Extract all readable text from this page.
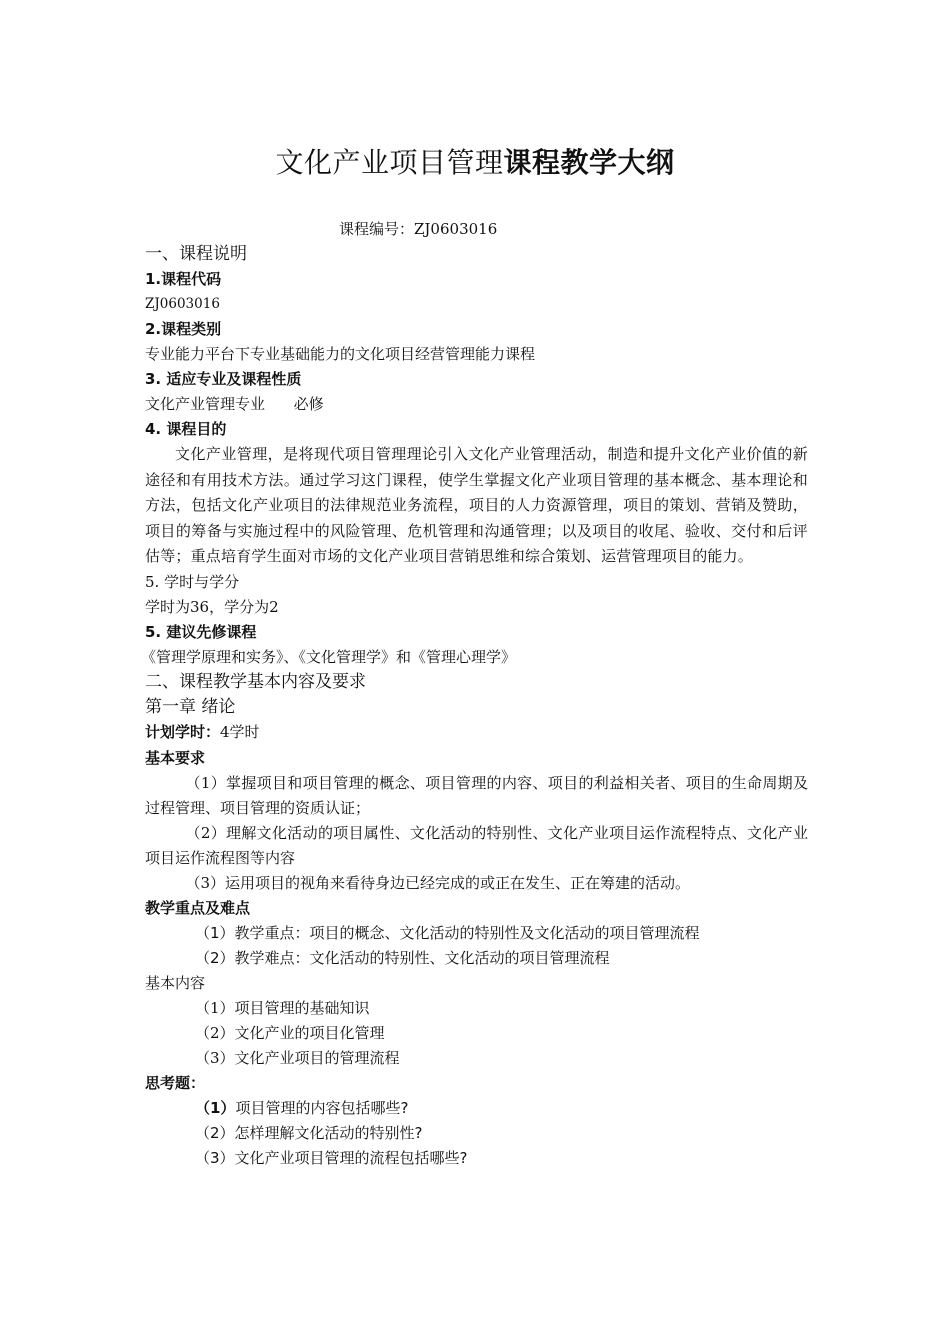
文化产业项目管理课程教学大纲
课程编号：ZJ0603016
一、课程说明
1.课程代码
ZJ0603016
2.课程类别
专业能力平台下专业基础能力的文化项目经营管理能力课程
3. 适应专业及课程性质
文化产业管理专业      必修
4. 课程目的
文化产业管理，是将现代项目管理理论引入文化产业管理活动，制造和提升文化产业价值的新途径和有用技术方法。通过学习这门课程，使学生掌握文化产业项目管理的基本概念、基本理论和方法，包括文化产业项目的法律规范业务流程，项目的人力资源管理，项目的策划、营销及赞助，项目的筹备与实施过程中的风险管理、危机管理和沟通管理；以及项目的收尾、验收、交付和后评估等；重点培育学生面对市场的文化产业项目营销思维和综合策划、运营管理项目的能力。
5. 学时与学分
学时为36，学分为2
5. 建议先修课程
《管理学原理和实务》、《文化管理学》和《管理心理学》
二、课程教学基本内容及要求
第一章 绪论
计划学时：4学时
基本要求
（1）掌握项目和项目管理的概念、项目管理的内容、项目的利益相关者、项目的生命周期及过程管理、项目管理的资质认证；
（2）理解文化活动的项目属性、文化活动的特别性、文化产业项目运作流程特点、文化产业项目运作流程图等内容
（3）运用项目的视角来看待身边已经完成的或正在发生、正在筹建的活动。
教学重点及难点
（1）教学重点：项目的概念、文化活动的特别性及文化活动的项目管理流程
（2）教学难点：文化活动的特别性、文化活动的项目管理流程
基本内容
（1）项目管理的基础知识
（2）文化产业的项目化管理
（3）文化产业项目的管理流程
思考题：
（1）项目管理的内容包括哪些?
（2）怎样理解文化活动的特别性?
（3）文化产业项目管理的流程包括哪些?
